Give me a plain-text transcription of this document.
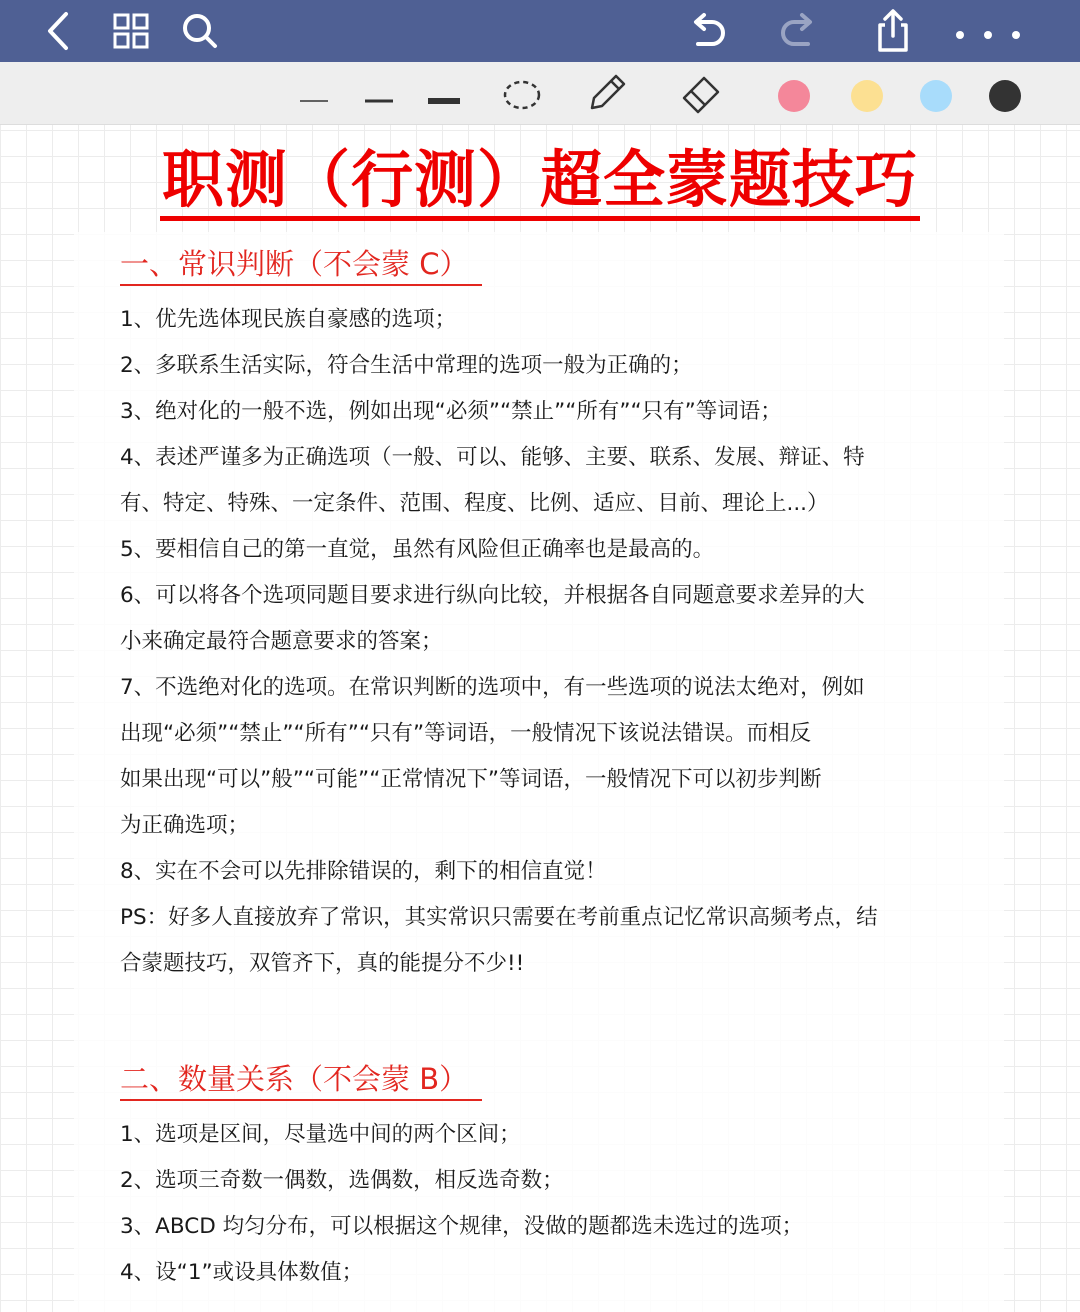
职测（行测）超全蒙题技巧
一、常识判断（不会蒙 C）
1、优先选体现民族自豪感的选项；
2、多联系生活实际，符合生活中常理的选项一般为正确的；
3、绝对化的一般不选，例如出现“必须”“禁止”“所有”“只有”等词语；
4、表述严谨多为正确选项（一般、可以、能够、主要、联系、发展、辩证、特
有、特定、特殊、一定条件、范围、程度、比例、适应、目前、理论上...）
5、要相信自己的第一直觉，虽然有风险但正确率也是最高的。
6、可以将各个选项同题目要求进行纵向比较，并根据各自同题意要求差异的大
小来确定最符合题意要求的答案；
7、不选绝对化的选项。在常识判断的选项中，有一些选项的说法太绝对，例如
出现“必须”“禁止”“所有”“只有”等词语，一般情况下该说法错误。而相反
如果出现“可以”般”“可能”“正常情况下”等词语，一般情况下可以初步判断
为正确选项；
8、实在不会可以先排除错误的，剩下的相信直觉！
PS：好多人直接放弃了常识，其实常识只需要在考前重点记忆常识高频考点，结
合蒙题技巧，双管齐下，真的能提分不少!!
二、数量关系（不会蒙 B）
1、选项是区间，尽量选中间的两个区间；
2、选项三奇数一偶数，选偶数，相反选奇数；
3、ABCD 均匀分布，可以根据这个规律，没做的题都选未选过的选项；
4、设“1”或设具体数值；
